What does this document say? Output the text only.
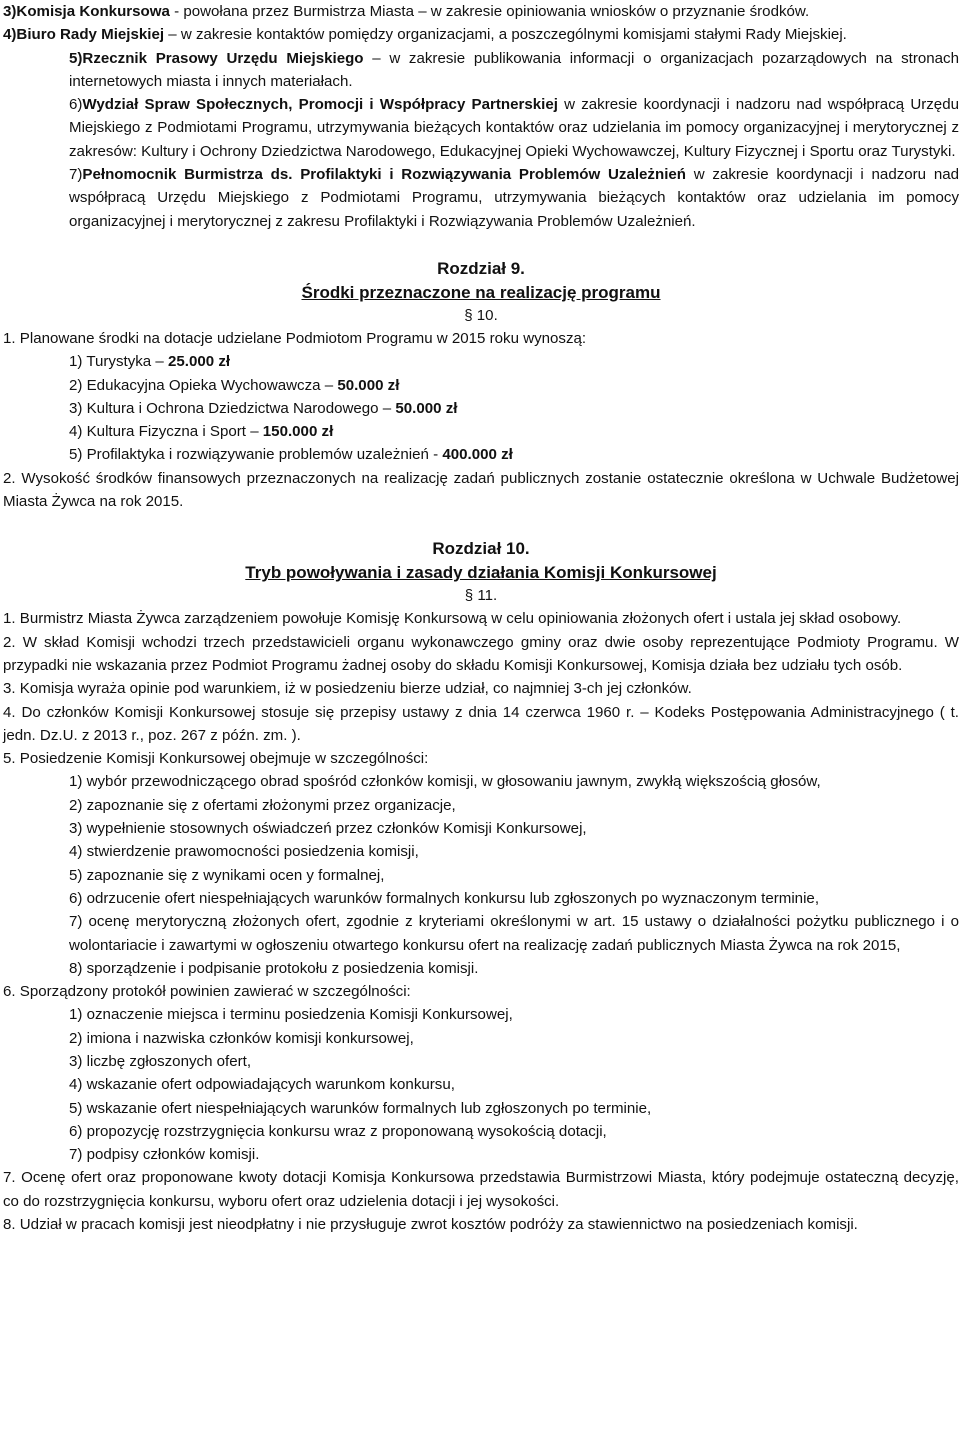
3)Komisja Konkursowa - powołana przez Burmistrza Miasta – w zakresie opiniowania wniosków o przyznanie środków.

4)Biuro Rady Miejskiej – w zakresie kontaktów pomiędzy organizacjami, a poszczególnymi komisjami stałymi Rady Miejskiej.

5)Rzecznik Prasowy Urzędu Miejskiego – w zakresie publikowania informacji o organizacjach pozarządowych na stronach internetowych miasta i innych materiałach.

6)Wydział Spraw Społecznych, Promocji i Współpracy Partnerskiej w zakresie koordynacji i nadzoru nad współpracą Urzędu Miejskiego z Podmiotami Programu, utrzymywania bieżących kontaktów oraz udzielania im pomocy organizacyjnej i merytorycznej z zakresów: Kultury i Ochrony Dziedzictwa Narodowego, Edukacyjnej Opieki Wychowawczej, Kultury Fizycznej i Sportu oraz Turystyki.

7)Pełnomocnik Burmistrza ds. Profilaktyki i Rozwiązywania Problemów Uzależnień w zakresie koordynacji i nadzoru nad współpracą Urzędu Miejskiego z Podmiotami Programu, utrzymywania bieżących kontaktów oraz udzielania im pomocy organizacyjnej i merytorycznej z zakresu Profilaktyki i Rozwiązywania Problemów Uzależnień.

Rozdział 9.
Środki przeznaczone na realizację programu
§ 10.

1. Planowane środki na dotacje udzielane Podmiotom Programu w 2015 roku wynoszą:

1) Turystyka – 25.000 zł

2) Edukacyjna Opieka Wychowawcza – 50.000 zł

3) Kultura i Ochrona Dziedzictwa Narodowego – 50.000 zł

4) Kultura Fizyczna i Sport – 150.000 zł

5) Profilaktyka i rozwiązywanie problemów uzależnień - 400.000 zł

2. Wysokość środków finansowych przeznaczonych na realizację zadań publicznych zostanie ostatecznie określona w Uchwale Budżetowej Miasta Żywca na rok 2015.

Rozdział 10.
Tryb powoływania i zasady działania Komisji Konkursowej
§ 11.

1. Burmistrz Miasta Żywca zarządzeniem powołuje Komisję Konkursową w celu opiniowania złożonych ofert i ustala jej skład osobowy.

2. W skład Komisji wchodzi trzech przedstawicieli organu wykonawczego gminy oraz dwie osoby reprezentujące Podmioty Programu. W przypadki nie wskazania przez Podmiot Programu żadnej osoby do składu Komisji Konkursowej, Komisja działa bez udziału tych osób.

3. Komisja wyraża opinie pod warunkiem, iż w posiedzeniu bierze udział, co najmniej 3-ch jej członków.

4. Do członków Komisji Konkursowej stosuje się przepisy ustawy z dnia 14 czerwca 1960 r. – Kodeks Postępowania Administracyjnego ( t. jedn. Dz.U. z 2013 r., poz. 267 z późn. zm. ).

5. Posiedzenie Komisji Konkursowej obejmuje w szczególności:

1) wybór przewodniczącego obrad spośród członków komisji, w głosowaniu jawnym, zwykłą większością głosów,

2) zapoznanie się z ofertami złożonymi przez organizacje,

3) wypełnienie stosownych oświadczeń przez członków Komisji Konkursowej,

4) stwierdzenie prawomocności posiedzenia komisji,

5) zapoznanie się z wynikami ocen y formalnej,

6) odrzucenie ofert niespełniających warunków formalnych konkursu lub zgłoszonych po wyznaczonym terminie,

7) ocenę merytoryczną złożonych ofert, zgodnie z kryteriami określonymi w art. 15 ustawy o działalności pożytku publicznego i o wolontariacie i zawartymi w ogłoszeniu otwartego konkursu ofert na realizację zadań publicznych Miasta Żywca na rok 2015,

8) sporządzenie i podpisanie protokołu z posiedzenia komisji.

6. Sporządzony protokół powinien zawierać w szczególności:

1) oznaczenie miejsca i terminu posiedzenia Komisji Konkursowej,

2) imiona i nazwiska członków komisji konkursowej,

3) liczbę zgłoszonych ofert,

4) wskazanie ofert odpowiadających warunkom konkursu,

5) wskazanie ofert niespełniających warunków formalnych lub zgłoszonych po terminie,

6) propozycję rozstrzygnięcia konkursu wraz z proponowaną wysokością dotacji,

7) podpisy członków komisji.

7. Ocenę ofert oraz proponowane kwoty dotacji Komisja Konkursowa przedstawia Burmistrzowi Miasta, który podejmuje ostateczną decyzję, co do rozstrzygnięcia konkursu, wyboru ofert oraz udzielenia dotacji i jej wysokości.

8. Udział w pracach komisji jest nieodpłatny i nie przysługuje zwrot kosztów podróży za stawiennictwo na posiedzeniach komisji.
